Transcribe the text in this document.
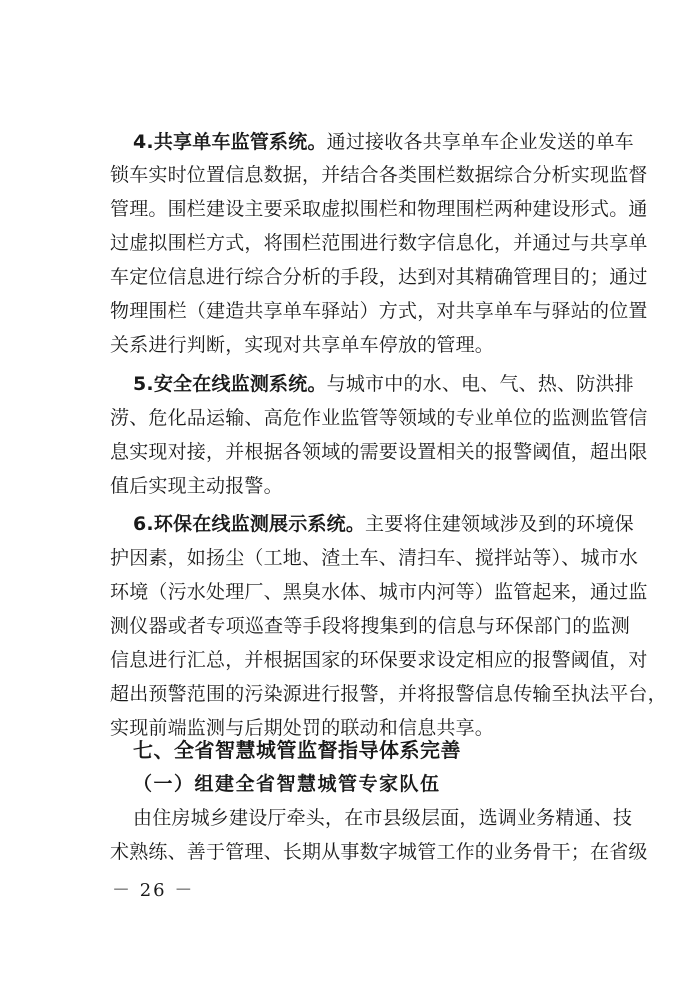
4.共享单车监管系统。通过接收各共享单车企业发送的单车
锁车实时位置信息数据，并结合各类围栏数据综合分析实现监督
管理。围栏建设主要采取虚拟围栏和物理围栏两种建设形式。通
过虚拟围栏方式，将围栏范围进行数字信息化，并通过与共享单
车定位信息进行综合分析的手段，达到对其精确管理目的；通过
物理围栏（建造共享单车驿站）方式，对共享单车与驿站的位置
关系进行判断，实现对共享单车停放的管理。
5.安全在线监测系统。与城市中的水、电、气、热、防洪排
涝、危化品运输、高危作业监管等领域的专业单位的监测监管信
息实现对接，并根据各领域的需要设置相关的报警阈值，超出限
值后实现主动报警。
6.环保在线监测展示系统。主要将住建领域涉及到的环境保
护因素，如扬尘（工地、渣土车、清扫车、搅拌站等）、城市水
环境（污水处理厂、黑臭水体、城市内河等）监管起来，通过监
测仪器或者专项巡查等手段将搜集到的信息与环保部门的监测
信息进行汇总，并根据国家的环保要求设定相应的报警阈值，对
超出预警范围的污染源进行报警，并将报警信息传输至执法平台，
实现前端监测与后期处罚的联动和信息共享。
七、全省智慧城管监督指导体系完善
（一）组建全省智慧城管专家队伍
由住房城乡建设厅牵头，在市县级层面，选调业务精通、技
术熟练、善于管理、长期从事数字城管工作的业务骨干；在省级
－ 26 －
